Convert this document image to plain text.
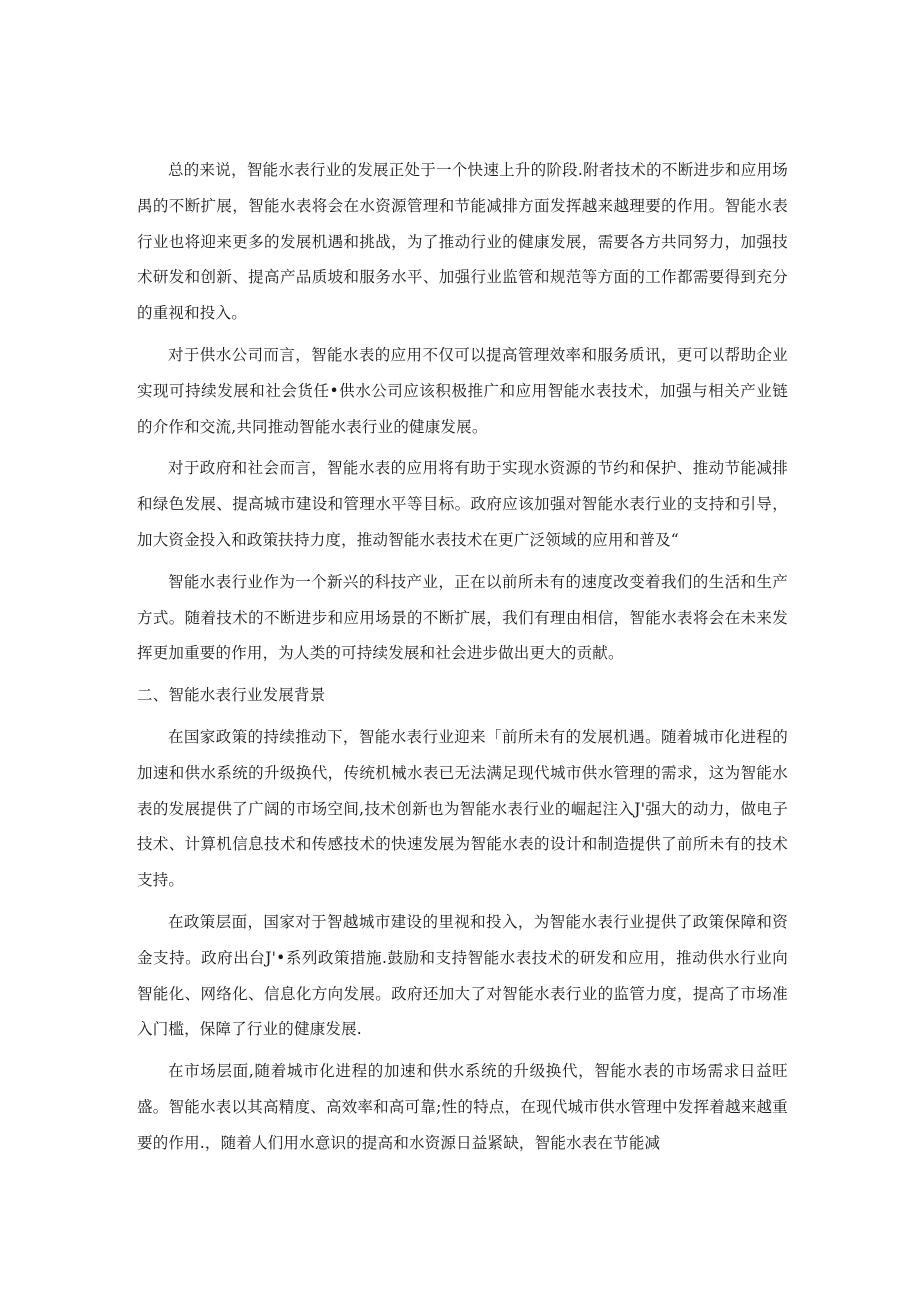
总的来说，智能水表行业的发展正处于一个快速上升的阶段.附者技术的不断进步和应用场禺的不断扩展，智能水表将会在水资源管理和节能减排方面发挥越来越理要的作用。智能水表行业也将迎来更多的发展机遇和挑战，为了推动行业的健康发展，需要各方共同努力，加强技术研发和创新、提高产品质坡和服务水平、加强行业监管和规范等方面的工作都需要得到充分的重视和投入。

对于供水公司而言，智能水表的应用不仅可以提高管理效率和服务质讯，更可以帮助企业实现可持续发展和社会货任•供水公司应该积极推广和应用智能水表技术，加强与相关产业链的介作和交流,共同推动智能水表行业的健康发展。

对于政府和社会而言，智能水表的应用将有助于实现水资源的节约和保护、推动节能减排和绿色发展、提高城市建设和管理水平等目标。政府应该加强对智能水表行业的支持和引导，加大资金投入和政策扶持力度，推动智能水表技术在更广泛领域的应用和普及“

智能水表行业作为一个新兴的科技产业，正在以前所未有的速度改变着我们的生活和生产方式。随着技术的不断进步和应用场景的不断扩展，我们有理由相信，智能水表将会在未来发挥更加重要的作用，为人类的可持续发展和社会进步做出更大的贡献。

二、智能水表行业发展背景

在国家政策的持续推动下，智能水表行业迎来「前所未有的发展机遇。随着城市化进程的加速和供水系统的升级换代，传统机械水表已无法满足现代城市供水管理的需求，这为智能水表的发展提供了广阔的市场空间,技术创新也为智能水表行业的崛起注入J'强大的动力，做电子技术、计算机信息技术和传感技术的快速发展为智能水表的设计和制造提供了前所未有的技术支持。

在政策层面，国家对于智越城市建设的里视和投入，为智能水表行业提供了政策保障和资金支持。政府出台J'•系列政策措施.鼓励和支持智能水表技术的研发和应用，推动供水行业向智能化、网络化、信息化方向发展。政府还加大了对智能水表行业的监管力度，提高了市场准入门槛，保障了行业的健康发展.

在市场层面,随着城市化进程的加速和供水系统的升级换代，智能水表的市场需求日益旺盛。智能水表以其高精度、高效率和高可靠;性的特点，在现代城市供水管理中发挥着越来越重要的作用.，随着人们用水意识的提高和水资源日益紧缺，智能水表在节能减
